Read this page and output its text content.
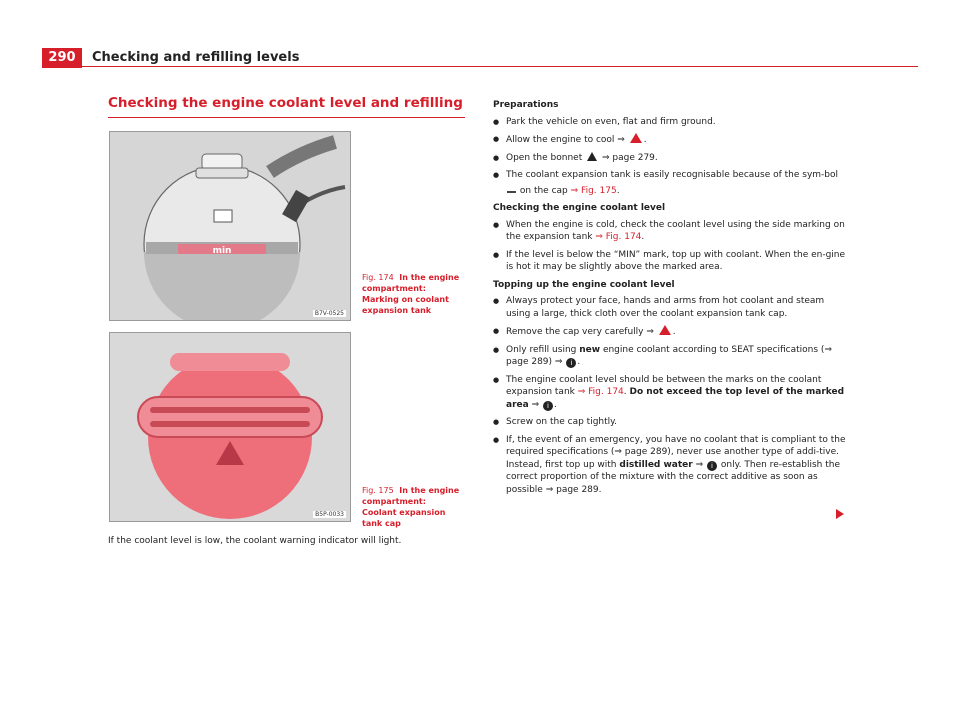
290	Checking and refilling levels
Checking the engine coolant level and refilling
min
B7V-0525
Fig. 174 In the engine compartment: Marking on coolant expansion tank
B5P-0033
Fig. 175 In the engine compartment: Coolant expansion tank cap
If the coolant level is low, the coolant warning indicator will light.

Preparations

● Park the vehicle on even, flat and firm ground.

● Allow the engine to cool ⇒ .

● Open the bonnet ⇒ page 279.

● The coolant expansion tank is easily recognisable because of the sym-bol  on the cap ⇒ Fig. 175.

Checking the engine coolant level

● When the engine is cold, check the coolant level using the side marking on the expansion tank ⇒ Fig. 174.

● If the level is below the “MIN” mark, top up with coolant. When the en-gine is hot it may be slightly above the marked area.

Topping up the engine coolant level

● Always protect your face, hands and arms from hot coolant and steam using a large, thick cloth over the coolant expansion tank cap.

● Remove the cap very carefully ⇒ .

● Only refill using new engine coolant according to SEAT specifications (⇒ page 289) ⇒ i .

● The engine coolant level should be between the marks on the coolant expansion tank ⇒ Fig. 174. Do not exceed the top level of the marked area ⇒ i .

● Screw on the cap tightly.

● If, the event of an emergency, you have no coolant that is compliant to the required specifications (⇒ page 289), never use another type of addi-tive. Instead, first top up with distilled water ⇒ i only. Then re-establish the correct proportion of the mixture with the correct additive as soon as possible ⇒ page 289.
